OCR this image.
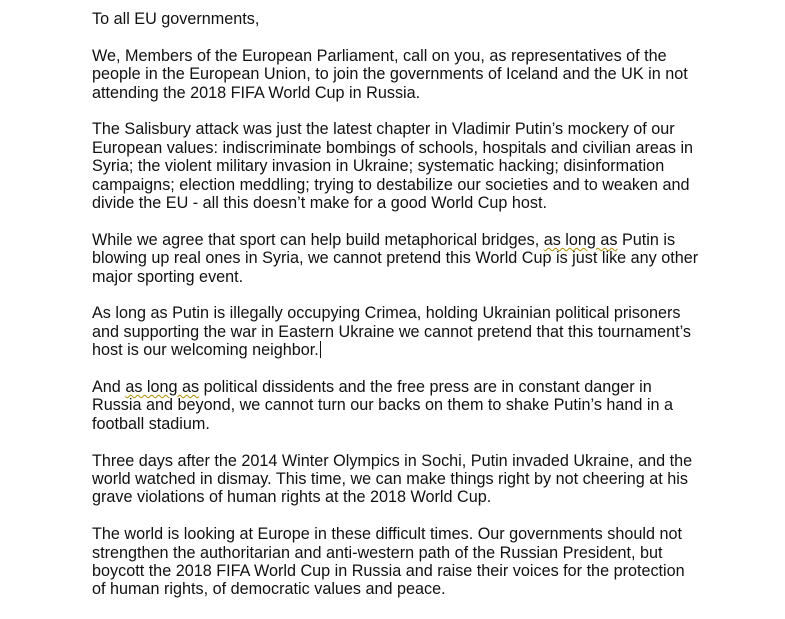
To all EU governments,

We, Members of the European Parliament, call on you, as representatives of the
people in the European Union, to join the governments of Iceland and the UK in not
attending the 2018 FIFA World Cup in Russia.

The Salisbury attack was just the latest chapter in Vladimir Putin’s mockery of our
European values: indiscriminate bombings of schools, hospitals and civilian areas in
Syria; the violent military invasion in Ukraine; systematic hacking; disinformation
campaigns; election meddling; trying to destabilize our societies and to weaken and
divide the EU - all this doesn’t make for a good World Cup host.

While we agree that sport can help build metaphorical bridges, as long as Putin is
blowing up real ones in Syria, we cannot pretend this World Cup is just like any other
major sporting event.

As long as Putin is illegally occupying Crimea, holding Ukrainian political prisoners
and supporting the war in Eastern Ukraine we cannot pretend that this tournament’s
host is our welcoming neighbor.

And as long as political dissidents and the free press are in constant danger in
Russia and beyond, we cannot turn our backs on them to shake Putin’s hand in a
football stadium.

Three days after the 2014 Winter Olympics in Sochi, Putin invaded Ukraine, and the
world watched in dismay. This time, we can make things right by not cheering at his
grave violations of human rights at the 2018 World Cup.

The world is looking at Europe in these difficult times. Our governments should not
strengthen the authoritarian and anti-western path of the Russian President, but
boycott the 2018 FIFA World Cup in Russia and raise their voices for the protection
of human rights, of democratic values and peace.
